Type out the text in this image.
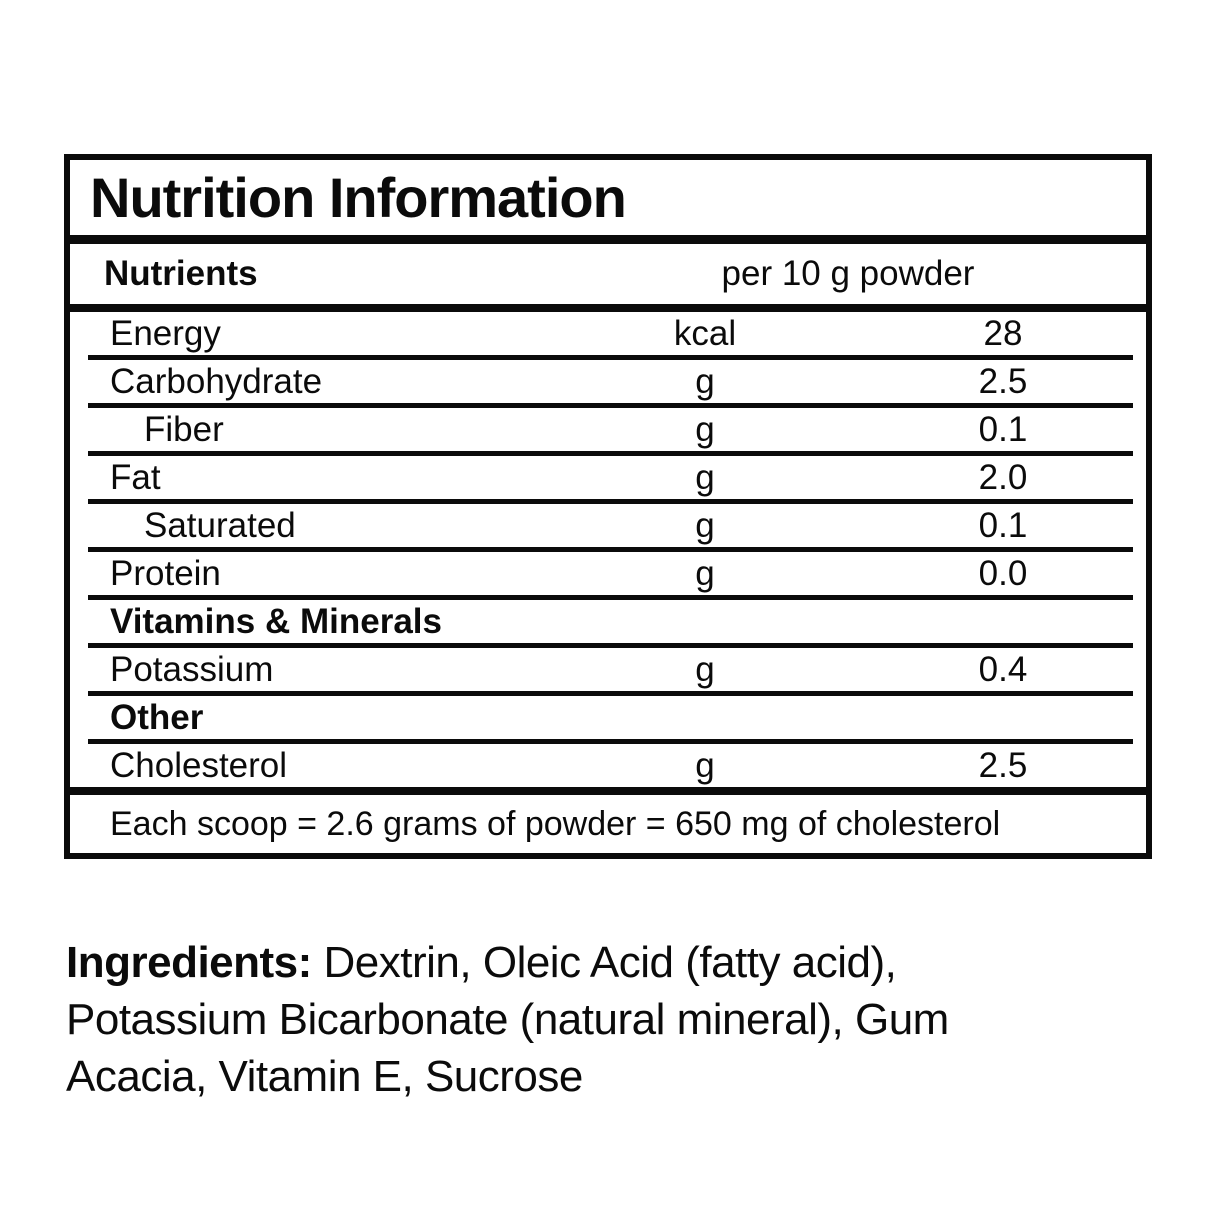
Nutrition Information
Nutrients	per 10 g powder
Energy	kcal	28
Carbohydrate	g	2.5
Fiber	g	0.1
Fat	g	2.0
Saturated	g	0.1
Protein	g	0.0
Vitamins & Minerals
Potassium	g	0.4
Other
Cholesterol	g	2.5
Each scoop = 2.6 grams of powder = 650 mg of cholesterol

Ingredients: Dextrin, Oleic Acid (fatty acid), Potassium Bicarbonate (natural mineral), Gum Acacia, Vitamin E, Sucrose
